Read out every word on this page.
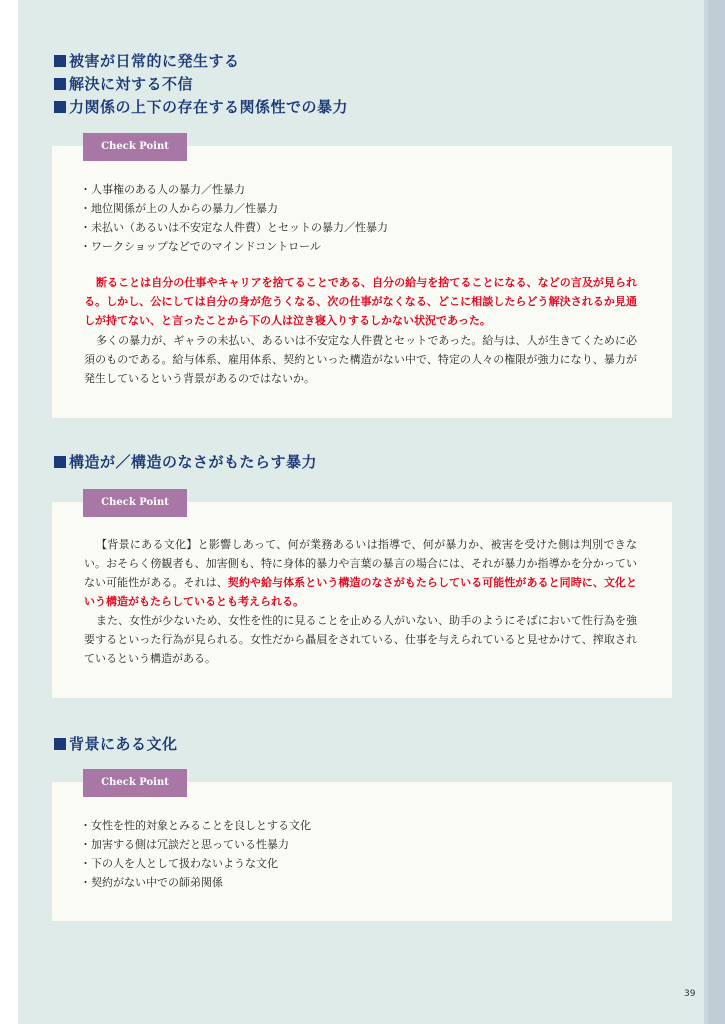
被害が日常的に発生する
解決に対する不信
力関係の上下の存在する関係性での暴力
Check Point
・人事権のある人の暴力／性暴力
・地位関係が上の人からの暴力／性暴力
・未払い（あるいは不安定な人件費）とセットの暴力／性暴力
・ワークショップなどでのマインドコントロール

断ることは自分の仕事やキャリアを捨てることである、自分の給与を捨てることになる、などの言及が見られる。しかし、公にしては自分の身が危うくなる、次の仕事がなくなる、どこに相談したらどう解決されるか見通しが持てない、と言ったことから下の人は泣き寝入りするしかない状況であった。

多くの暴力が、ギャラの未払い、あるいは不安定な人件費とセットであった。給与は、人が生きてくために必須のものである。給与体系、雇用体系、契約といった構造がない中で、特定の人々の権限が強力になり、暴力が発生しているという背景があるのではないか。

構造が／構造のなさがもたらす暴力
Check Point

【背景にある文化】と影響しあって、何が業務あるいは指導で、何が暴力か、被害を受けた側は判別できない。おそらく傍観者も、加害側も、特に身体的暴力や言葉の暴言の場合には、それが暴力か指導かを分かっていない可能性がある。それは、契約や給与体系という構造のなさがもたらしている可能性があると同時に、文化という構造がもたらしているとも考えられる。

また、女性が少ないため、女性を性的に見ることを止める人がいない、助手のようにそばにおいて性行為を強要するといった行為が見られる。女性だから贔屓をされている、仕事を与えられていると見せかけて、搾取されているという構造がある。

背景にある文化
Check Point
・女性を性的対象とみることを良しとする文化
・加害する側は冗談だと思っている性暴力
・下の人を人として扱わないような文化
・契約がない中での師弟関係
39
